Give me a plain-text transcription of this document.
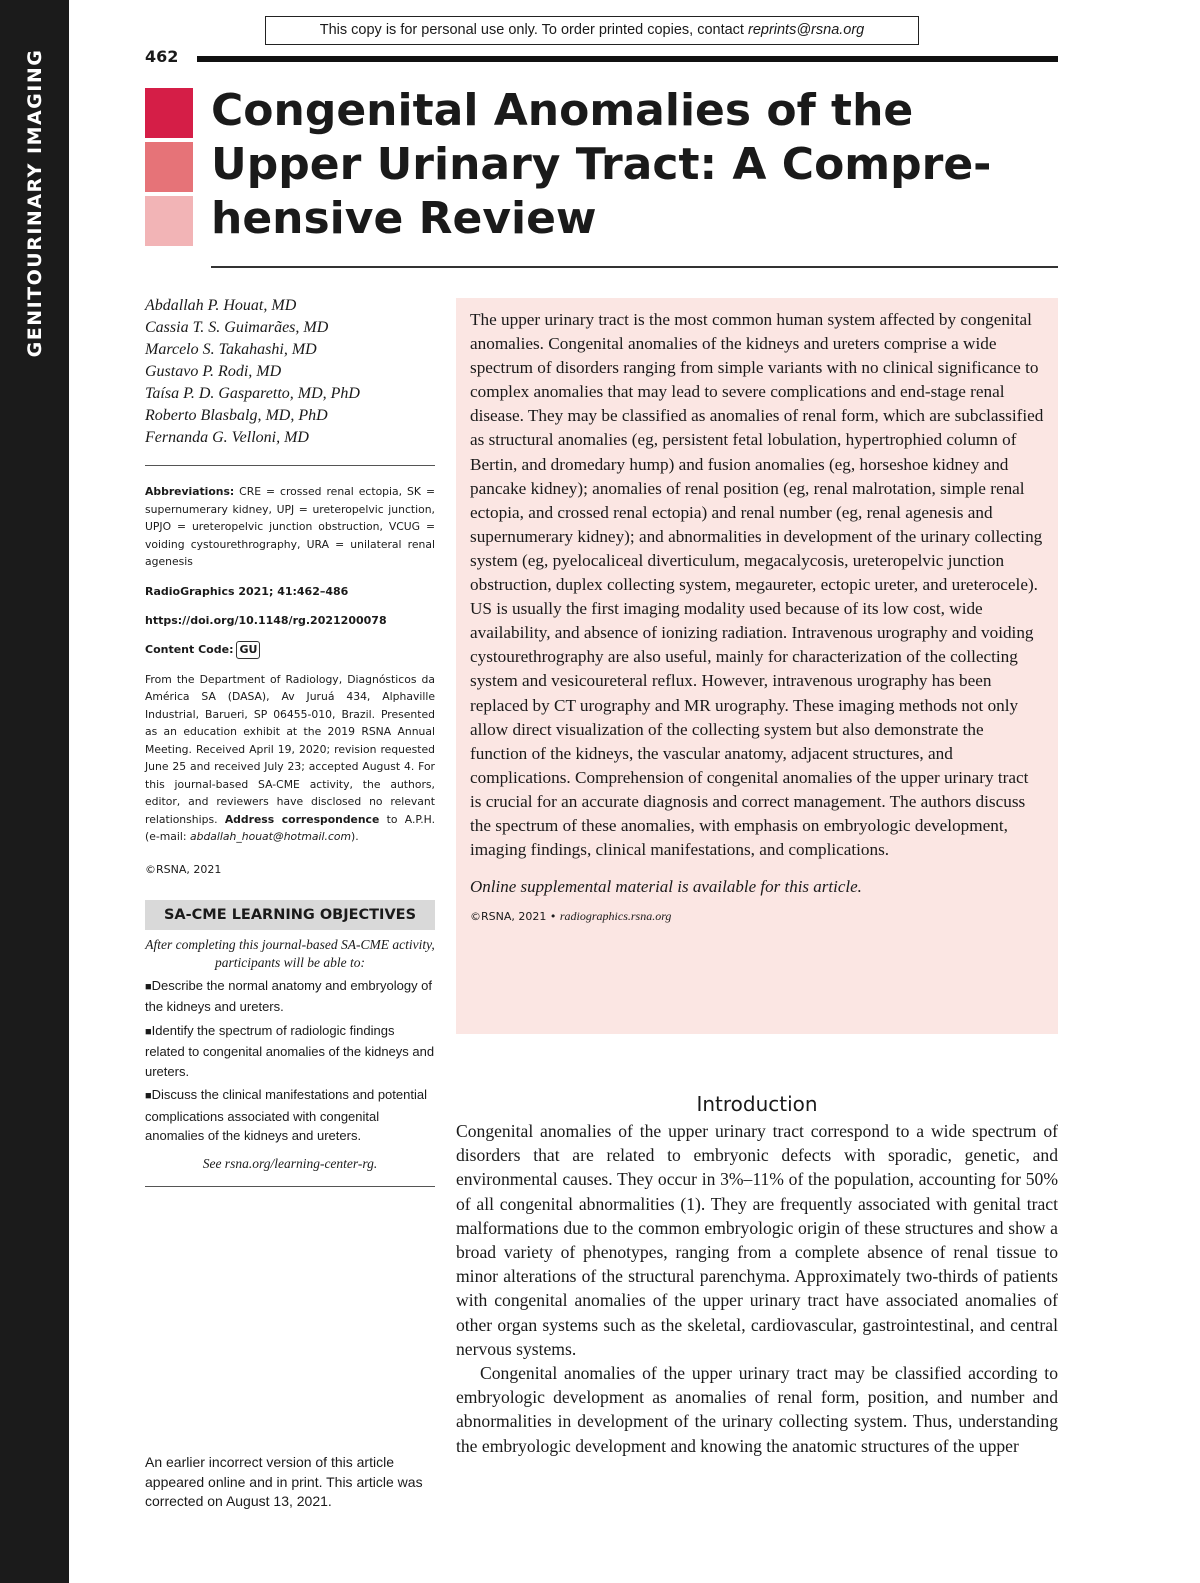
GENITOURINARY IMAGING
This copy is for personal use only. To order printed copies, contact reprints@rsna.org
462
Congenital Anomalies of the Upper Urinary Tract: A Compre-hensive Review
Abdallah P. Houat, MD
Cassia T. S. Guimarães, MD
Marcelo S. Takahashi, MD
Gustavo P. Rodi, MD
Taísa P. D. Gasparetto, MD, PhD
Roberto Blasbalg, MD, PhD
Fernanda G. Velloni, MD
Abbreviations: CRE = crossed renal ectopia, SK = supernumerary kidney, UPJ = ureteropelvic junction, UPJO = ureteropelvic junction obstruction, VCUG = voiding cystourethrography, URA = unilateral renal agenesis
RadioGraphics 2021; 41:462–486
https://doi.org/10.1148/rg.2021200078
Content Code: GU
From the Department of Radiology, Diagnósticos da América SA (DASA), Av Juruá 434, Alphaville Industrial, Barueri, SP 06455-010, Brazil. Presented as an education exhibit at the 2019 RSNA Annual Meeting. Received April 19, 2020; revision requested June 25 and received July 23; accepted August 4. For this journal-based SA-CME activity, the authors, editor, and reviewers have disclosed no relevant relationships. Address correspondence to A.P.H. (e-mail: abdallah_houat@hotmail.com).
©RSNA, 2021
SA-CME LEARNING OBJECTIVES
After completing this journal-based SA-CME activity, participants will be able to:
■Describe the normal anatomy and embryology of the kidneys and ureters.
■Identify the spectrum of radiologic findings related to congenital anomalies of the kidneys and ureters.
■Discuss the clinical manifestations and potential complications associated with congenital anomalies of the kidneys and ureters.
See rsna.org/learning-center-rg.
An earlier incorrect version of this article appeared online and in print. This article was corrected on August 13, 2021.

The upper urinary tract is the most common human system affected by congenital anomalies. Congenital anomalies of the kidneys and ureters comprise a wide spectrum of disorders ranging from simple variants with no clinical significance to complex anomalies that may lead to severe complications and end-stage renal disease. They may be classified as anomalies of renal form, which are subclassified as structural anomalies (eg, persistent fetal lobulation, hypertrophied column of Bertin, and dromedary hump) and fusion anomalies (eg, horseshoe kidney and pancake kidney); anomalies of renal position (eg, renal malrotation, simple renal ectopia, and crossed renal ectopia) and renal number (eg, renal agenesis and supernumerary kidney); and abnormalities in development of the urinary collecting system (eg, pyelocaliceal diverticulum, megacalycosis, ureteropelvic junction obstruction, duplex collecting system, megaureter, ectopic ureter, and ureterocele). US is usually the first imaging modality used because of its low cost, wide availability, and absence of ionizing radiation. Intravenous urography and voiding cystourethrography are also useful, mainly for characterization of the collecting system and vesicoureteral reflux. However, intravenous urography has been replaced by CT urography and MR urography. These imaging methods not only allow direct visualization of the collecting system but also demonstrate the function of the kidneys, the vascular anatomy, adjacent structures, and complications. Comprehension of congenital anomalies of the upper urinary tract is crucial for an accurate diagnosis and correct management. The authors discuss the spectrum of these anomalies, with emphasis on embryologic development, imaging findings, clinical manifestations, and complications.

Online supplemental material is available for this article.
©RSNA, 2021 • radiographics.rsna.org
Introduction

Congenital anomalies of the upper urinary tract correspond to a wide spectrum of disorders that are related to embryonic defects with sporadic, genetic, and environmental causes. They occur in 3%–11% of the population, accounting for 50% of all congenital abnormalities (1). They are frequently associated with genital tract malformations due to the common embryologic origin of these structures and show a broad variety of phenotypes, ranging from a complete absence of renal tissue to minor alterations of the structural parenchyma. Approximately two-thirds of patients with congenital anomalies of the upper urinary tract have associated anomalies of other organ systems such as the skeletal, cardiovascular, gastrointestinal, and central nervous systems.

Congenital anomalies of the upper urinary tract may be classified according to embryologic development as anomalies of renal form, position, and number and abnormalities in development of the urinary collecting system. Thus, understanding the embryologic development and knowing the anatomic structures of the upper
